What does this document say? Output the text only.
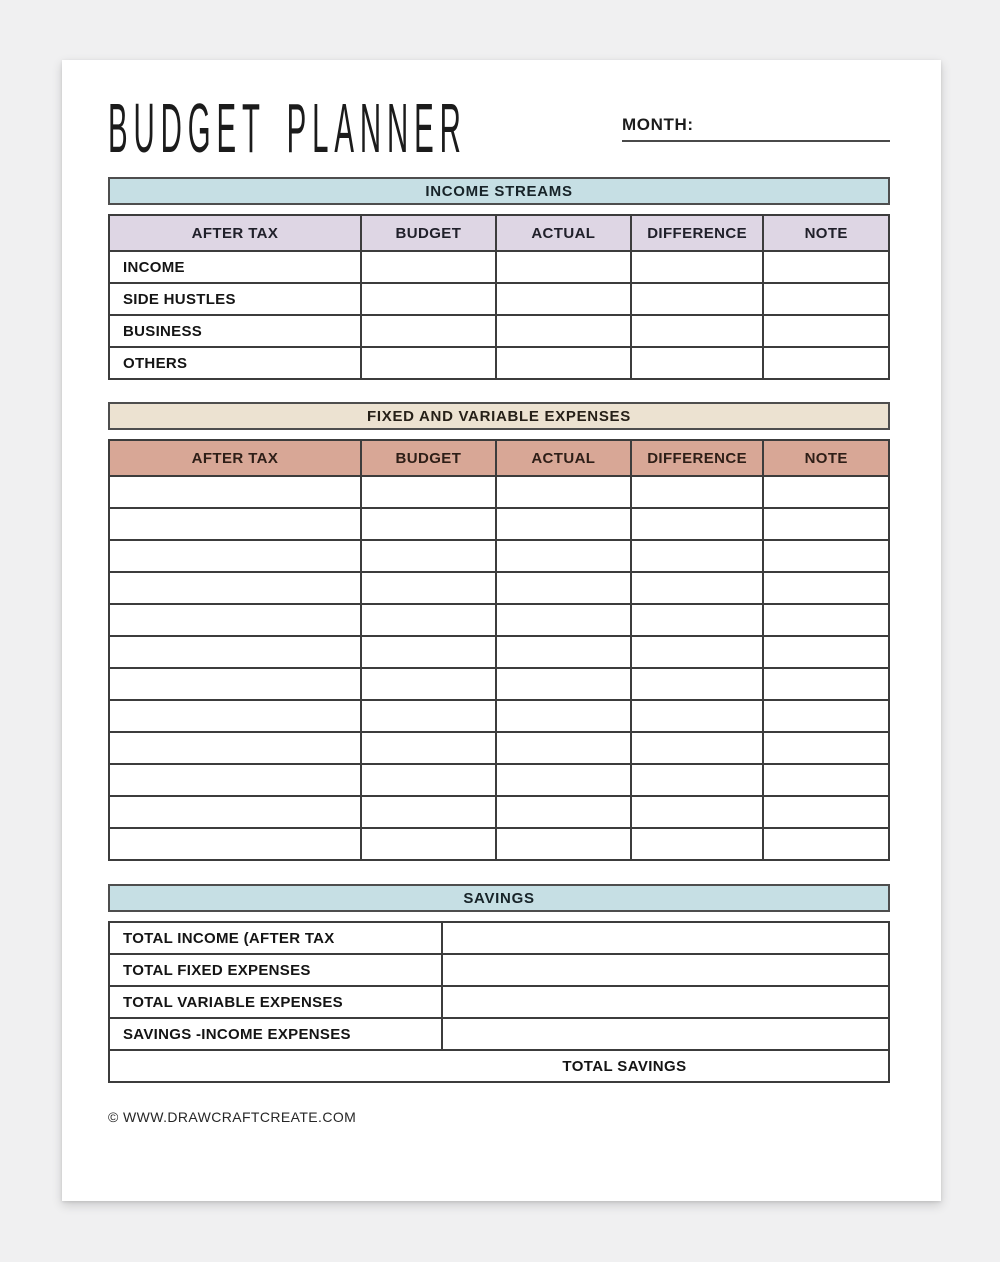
BUDGET PLANNER	MONTH:
INCOME STREAMS
AFTER TAX	BUDGET	ACTUAL	DIFFERENCE	NOTE
INCOME				
SIDE HUSTLES				
BUSINESS				
OTHERS				
FIXED AND VARIABLE EXPENSES
AFTER TAX	BUDGET	ACTUAL	DIFFERENCE	NOTE

SAVINGS
TOTAL INCOME (AFTER TAX		
TOTAL FIXED EXPENSES		
TOTAL VARIABLE EXPENSES		
SAVINGS -INCOME EXPENSES		
	TOTAL SAVINGS	
© WWW.DRAWCRAFTCREATE.COM
